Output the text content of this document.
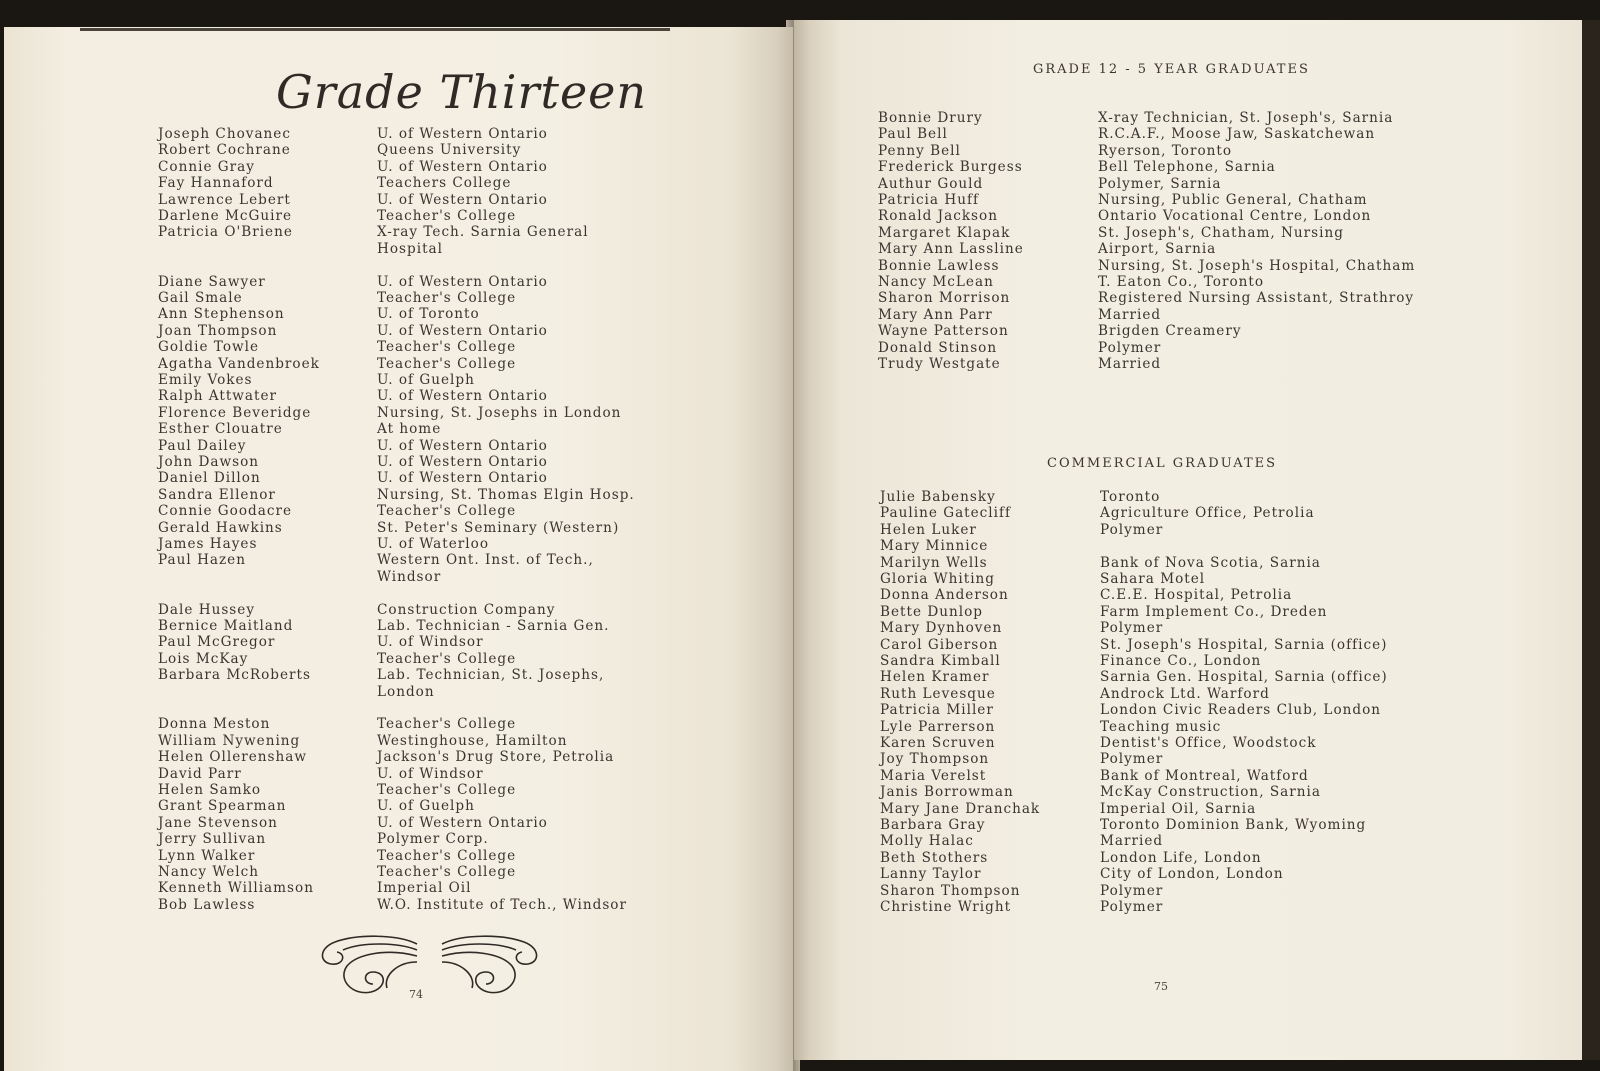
Grade Thirteen
74
Joseph Chovanec	U. of Western Ontario
Robert Cochrane	Queens University
Connie Gray	U. of Western Ontario
Fay Hannaford	Teachers College
Lawrence Lebert	U. of Western Ontario
Darlene McGuire	Teacher's College
Patricia O'Briene	X-ray Tech. Sarnia General
Hospital
Diane Sawyer	U. of Western Ontario
Gail Smale	Teacher's College
Ann Stephenson	U. of Toronto
Joan Thompson	U. of Western Ontario
Goldie Towle	Teacher's College
Agatha Vandenbroek	Teacher's College
Emily Vokes	U. of Guelph
Ralph Attwater	U. of Western Ontario
Florence Beveridge	Nursing, St. Josephs in London
Esther Clouatre	At home
Paul Dailey	U. of Western Ontario
John Dawson	U. of Western Ontario
Daniel Dillon	U. of Western Ontario
Sandra Ellenor	Nursing, St. Thomas Elgin Hosp.
Connie Goodacre	Teacher's College
Gerald Hawkins	St. Peter's Seminary (Western)
James Hayes	U. of Waterloo
Paul Hazen	Western Ont. Inst. of Tech.,
Windsor
Dale Hussey	Construction Company
Bernice Maitland	Lab. Technician - Sarnia Gen.
Paul McGregor	U. of Windsor
Lois McKay	Teacher's College
Barbara McRoberts	Lab. Technician, St. Josephs,
London
Donna Meston	Teacher's College
William Nywening	Westinghouse, Hamilton
Helen Ollerenshaw	Jackson's Drug Store, Petrolia
David Parr	U. of Windsor
Helen Samko	Teacher's College
Grant Spearman	U. of Guelph
Jane Stevenson	U. of Western Ontario
Jerry Sullivan	Polymer Corp.
Lynn Walker	Teacher's College
Nancy Welch	Teacher's College
Kenneth Williamson	Imperial Oil
Bob Lawless	W.O. Institute of Tech., Windsor
GRADE 12 - 5 YEAR GRADUATES
COMMERCIAL GRADUATES
75
Bonnie Drury	X-ray Technician, St. Joseph's, Sarnia
Paul Bell	R.C.A.F., Moose Jaw, Saskatchewan
Penny Bell	Ryerson, Toronto
Frederick Burgess	Bell Telephone, Sarnia
Authur Gould	Polymer, Sarnia
Patricia Huff	Nursing, Public General, Chatham
Ronald Jackson	Ontario Vocational Centre, London
Margaret Klapak	St. Joseph's, Chatham, Nursing
Mary Ann Lassline	Airport, Sarnia
Bonnie Lawless	Nursing, St. Joseph's Hospital, Chatham
Nancy McLean	T. Eaton Co., Toronto
Sharon Morrison	Registered Nursing Assistant, Strathroy
Mary Ann Parr	Married
Wayne Patterson	Brigden Creamery
Donald Stinson	Polymer
Trudy Westgate	Married
Julie Babensky	Toronto
Pauline Gatecliff	Agriculture Office, Petrolia
Helen Luker	Polymer
Mary Minnice
Marilyn Wells	Bank of Nova Scotia, Sarnia
Gloria Whiting	Sahara Motel
Donna Anderson	C.E.E. Hospital, Petrolia
Bette Dunlop	Farm Implement Co., Dreden
Mary Dynhoven	Polymer
Carol Giberson	St. Joseph's Hospital, Sarnia (office)
Sandra Kimball	Finance Co., London
Helen Kramer	Sarnia Gen. Hospital, Sarnia (office)
Ruth Levesque	Androck Ltd. Warford
Patricia Miller	London Civic Readers Club, London
Lyle Parrerson	Teaching music
Karen Scruven	Dentist's Office, Woodstock
Joy Thompson	Polymer
Maria Verelst	Bank of Montreal, Watford
Janis Borrowman	McKay Construction, Sarnia
Mary Jane Dranchak	Imperial Oil, Sarnia
Barbara Gray	Toronto Dominion Bank, Wyoming
Molly Halac	Married
Beth Stothers	London Life, London
Lanny Taylor	City of London, London
Sharon Thompson	Polymer
Christine Wright	Polymer
